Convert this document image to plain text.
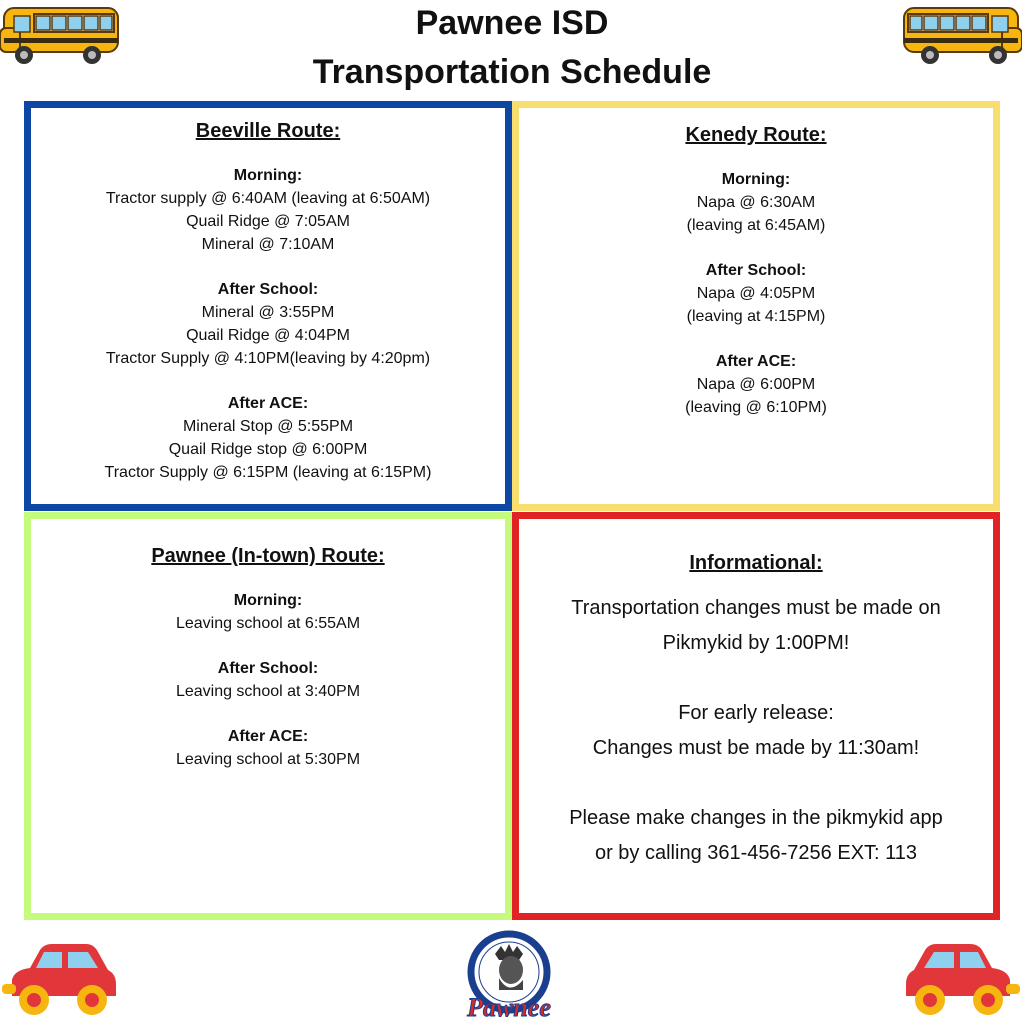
Pawnee ISD
Transportation Schedule

Beeville Route:

Morning:
Tractor supply @ 6:40AM (leaving at 6:50AM)
Quail Ridge @ 7:05AM
Mineral @ 7:10AM
After School:
Mineral @ 3:55PM
Quail Ridge @ 4:04PM
Tractor Supply @ 4:10PM(leaving by 4:20pm)
After ACE:
Mineral Stop @ 5:55PM
Quail Ridge stop @ 6:00PM
Tractor Supply @ 6:15PM (leaving at 6:15PM)

Kenedy Route:

Morning:
Napa @ 6:30AM
(leaving at 6:45AM)
After School:
Napa @ 4:05PM
(leaving at 4:15PM)
After ACE:
Napa @ 6:00PM
(leaving @ 6:10PM)

Pawnee (In-town) Route:

Morning:
Leaving school at 6:55AM
After School:
Leaving school at 3:40PM
After ACE:
Leaving school at 5:30PM

Informational:

Transportation changes must be made on

Pikmykid by 1:00PM!

For early release:

Changes must be made by 11:30am!

Please make changes in the pikmykid app

or by calling 361-456-7256 EXT: 113

Pawnee
